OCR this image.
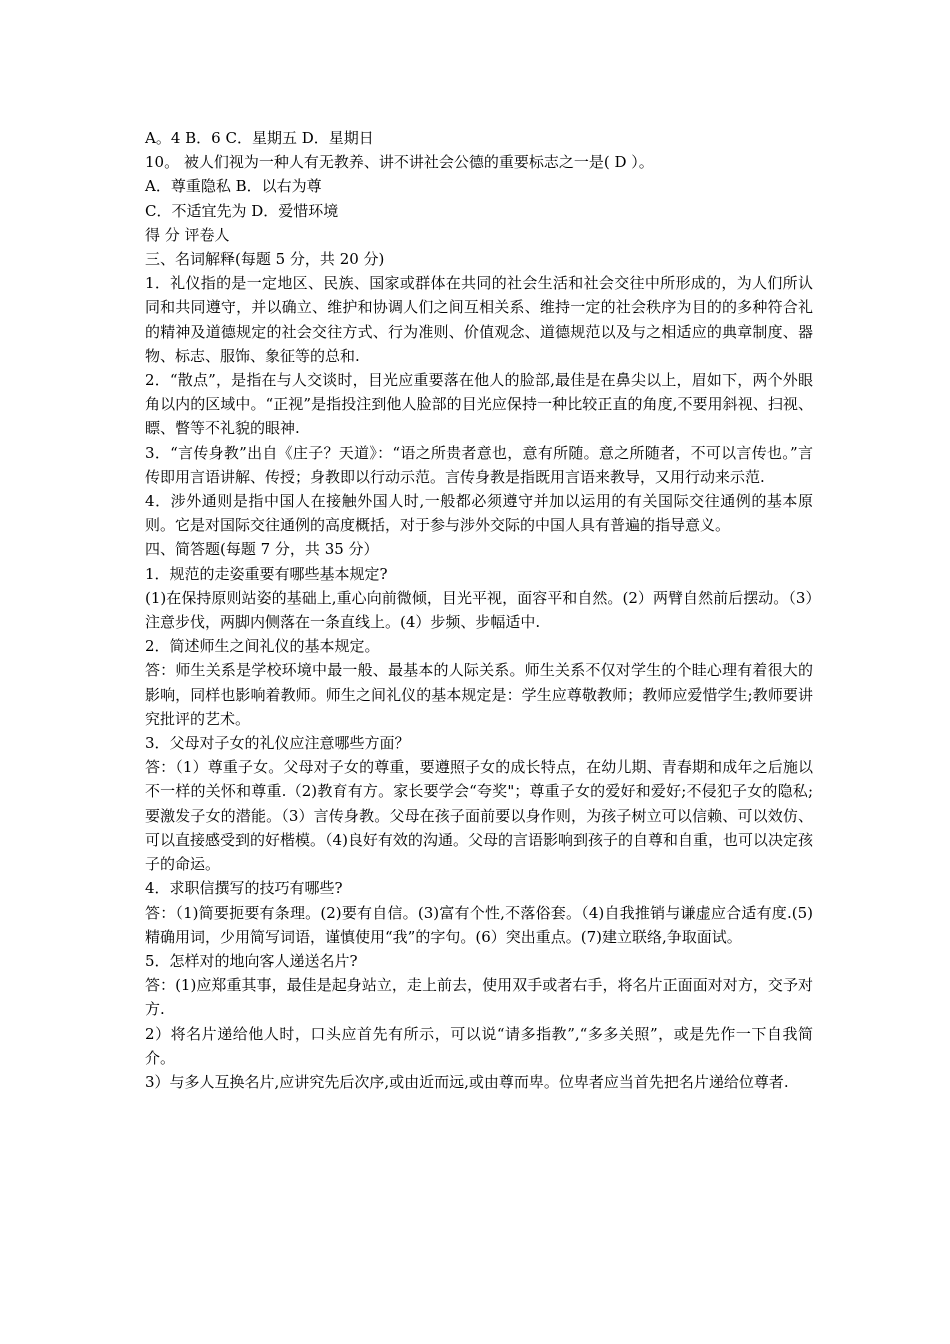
A。4 B．6 C．星期五 D．星期日
10。 被人们视为一种人有无教养、讲不讲社会公德的重要标志之一是( D ）。
A．尊重隐私 B．以右为尊
C．不适宜先为 D．爱惜环境
得 分 评卷人
三、名词解释(每题 5 分，共 20 分)
1．礼仪指的是一定地区、民族、国家或群体在共同的社会生活和社会交往中所形成的，为人们所认同和共同遵守，并以确立、维护和协调人们之间互相关系、维持一定的社会秩序为目的的多种符合礼的精神及道德规定的社会交往方式、行为准则、价值观念、道德规范以及与之相适应的典章制度、器物、标志、服饰、象征等的总和.
2．“散点”，是指在与人交谈时，目光应重要落在他人的脸部,最佳是在鼻尖以上，眉如下，两个外眼角以内的区域中。“正视”是指投注到他人脸部的目光应保持一种比较正直的角度,不要用斜视、扫视、瞟、瞥等不礼貌的眼神.
3．“言传身教”出自《庄子？天道》：“语之所贵者意也，意有所随。意之所随者，不可以言传也。”言传即用言语讲解、传授；身教即以行动示范。言传身教是指既用言语来教导，又用行动来示范.
4．涉外通则是指中国人在接触外国人时,一般都必须遵守并加以运用的有关国际交往通例的基本原则。它是对国际交往通例的高度概括，对于参与涉外交际的中国人具有普遍的指导意义。
四、简答题(每题 7 分，共 35 分）
1．规范的走姿重要有哪些基本规定?
(1)在保持原则站姿的基础上,重心向前微倾，目光平视，面容平和自然。(2）两臂自然前后摆动。（3）注意步伐，两脚内侧落在一条直线上。(4）步频、步幅适中.
2．简述师生之间礼仪的基本规定。
答：师生关系是学校环境中最一般、最基本的人际关系。师生关系不仅对学生的个眭心理有着很大的影响，同样也影响着教师。师生之间礼仪的基本规定是：学生应尊敬教师；教师应爱惜学生;教师要讲究批评的艺术。
3．父母对子女的礼仪应注意哪些方面？
答：（1）尊重子女。父母对子女的尊重，要遵照子女的成长特点，在幼儿期、青春期和成年之后施以不一样的关怀和尊重.（2)教育有方。家长要学会“夸奖"；尊重子女的爱好和爱好;不侵犯子女的隐私;要激发子女的潜能。（3）言传身教。父母在孩子面前要以身作则，为孩子树立可以信赖、可以效仿、可以直接感受到的好楷模。（4)良好有效的沟通。父母的言语影响到孩子的自尊和自重，也可以决定孩子的命运。
4．求职信撰写的技巧有哪些?
答：（1)简要扼要有条理。(2)要有自信。(3)富有个性,不落俗套。（4)自我推销与谦虚应合适有度.(5)精确用词，少用简写词语，谨慎使用“我”的字句。(6）突出重点。(7)建立联络,争取面试。
5．怎样对的地向客人递送名片?
答：(1)应郑重其事，最佳是起身站立，走上前去，使用双手或者右手，将名片正面面对对方，交予对方.
2）将名片递给他人时，口头应首先有所示，可以说“请多指教”,“多多关照”，或是先作一下自我简介。
3）与多人互换名片,应讲究先后次序,或由近而远,或由尊而卑。位卑者应当首先把名片递给位尊者.
